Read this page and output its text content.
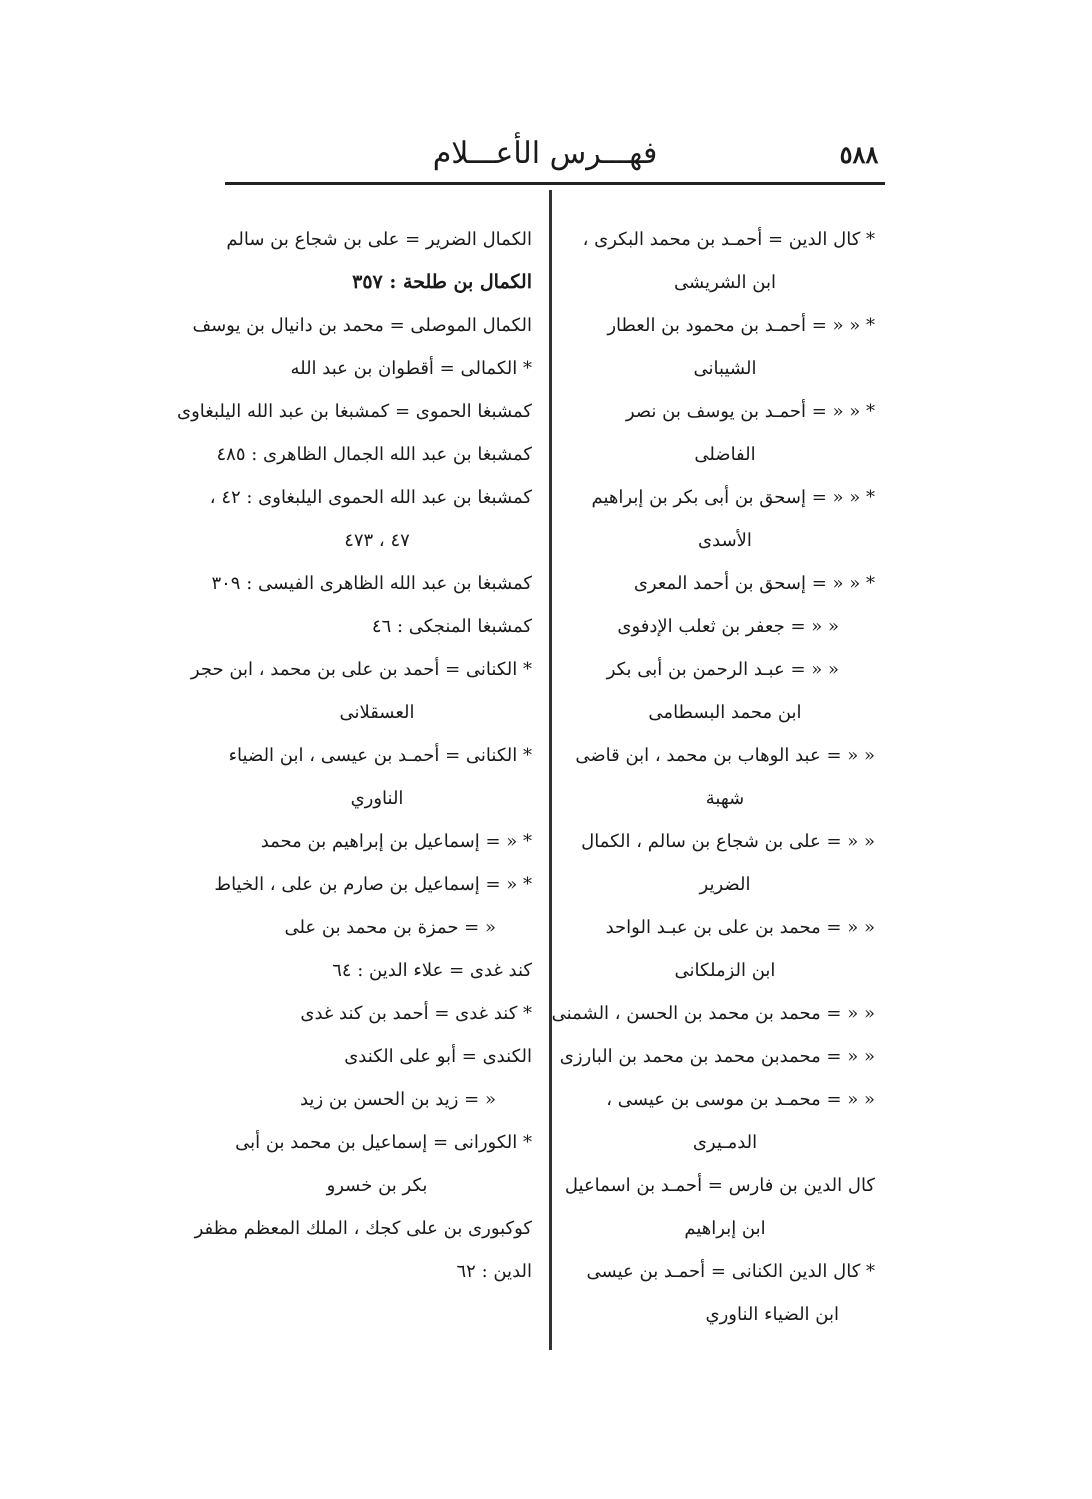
٥٨٨
فهـــرس الأعـــلام
* كال الدين = أحمـد بن محمد البكرى ،
ابن الشريشى
* « « = أحمـد بن محمود بن العطار
الشيبانى
* « « = أحمـد بن يوسف بن نصر
الفاضلى
* « « = إسحق بن أبى بكر بن إبراهيم
الأسدى
* « « = إسحق بن أحمد المعرى
« « = جعفر بن ثعلب الإدفوى
« « = عبـد الرحمن بن أبى بكر
ابن محمد البسطامى
« « = عبد الوهاب بن محمد ، ابن قاضى
شهبة
« « = على بن شجاع بن سالم ، الكمال
الضرير
« « = محمد بن على بن عبـد الواحد
ابن الزملكانى
« « = محمد بن محمد بن الحسن ، الشمنى
« « = محمدبن محمد بن محمد بن البارزى
« « = محمـد بن موسى بن عيسى ،
الدمـيرى
كال الدين بن فارس = أحمـد بن اسماعيل
ابن إبراهيم
* كال الدين الكنانى = أحمـد بن عيسى
ابن الضياء الناوري
الكمال الضرير = على بن شجاع بن سالم
الكمال بن طلحة : ٣٥٧
الكمال الموصلى = محمد بن دانيال بن يوسف
* الكمالى = أقطوان بن عبد الله
كمشبغا الحموى = كمشبغا بن عبد الله اليلبغاوى
كمشبغا بن عبد الله الجمال الظاهرى : ٤٨٥
كمشبغا بن عبد الله الحموى اليلبغاوى : ٤٢ ،
٤٧ ، ٤٧٣
كمشبغا بن عبد الله الظاهرى الفيسى : ٣٠٩
كمشبغا المنجكى : ٤٦
* الكنانى = أحمد بن على بن محمد ، ابن حجر
العسقلانى
* الكنانى = أحمـد بن عيسى ، ابن الضياء
الناوري
* « = إسماعيل بن إبراهيم بن محمد
* « = إسماعيل بن صارم بن على ، الخياط
« = حمزة بن محمد بن على
كند غدى = علاء الدين : ٦٤
* كند غدى = أحمد بن كند غدى
الكندى = أبو على الكندى
« = زيد بن الحسن بن زيد
* الكورانى = إسماعيل بن محمد بن أبى
بكر بن خسرو
كوكبورى بن على كجك ، الملك المعظم مظفر
الدين : ٦٢
